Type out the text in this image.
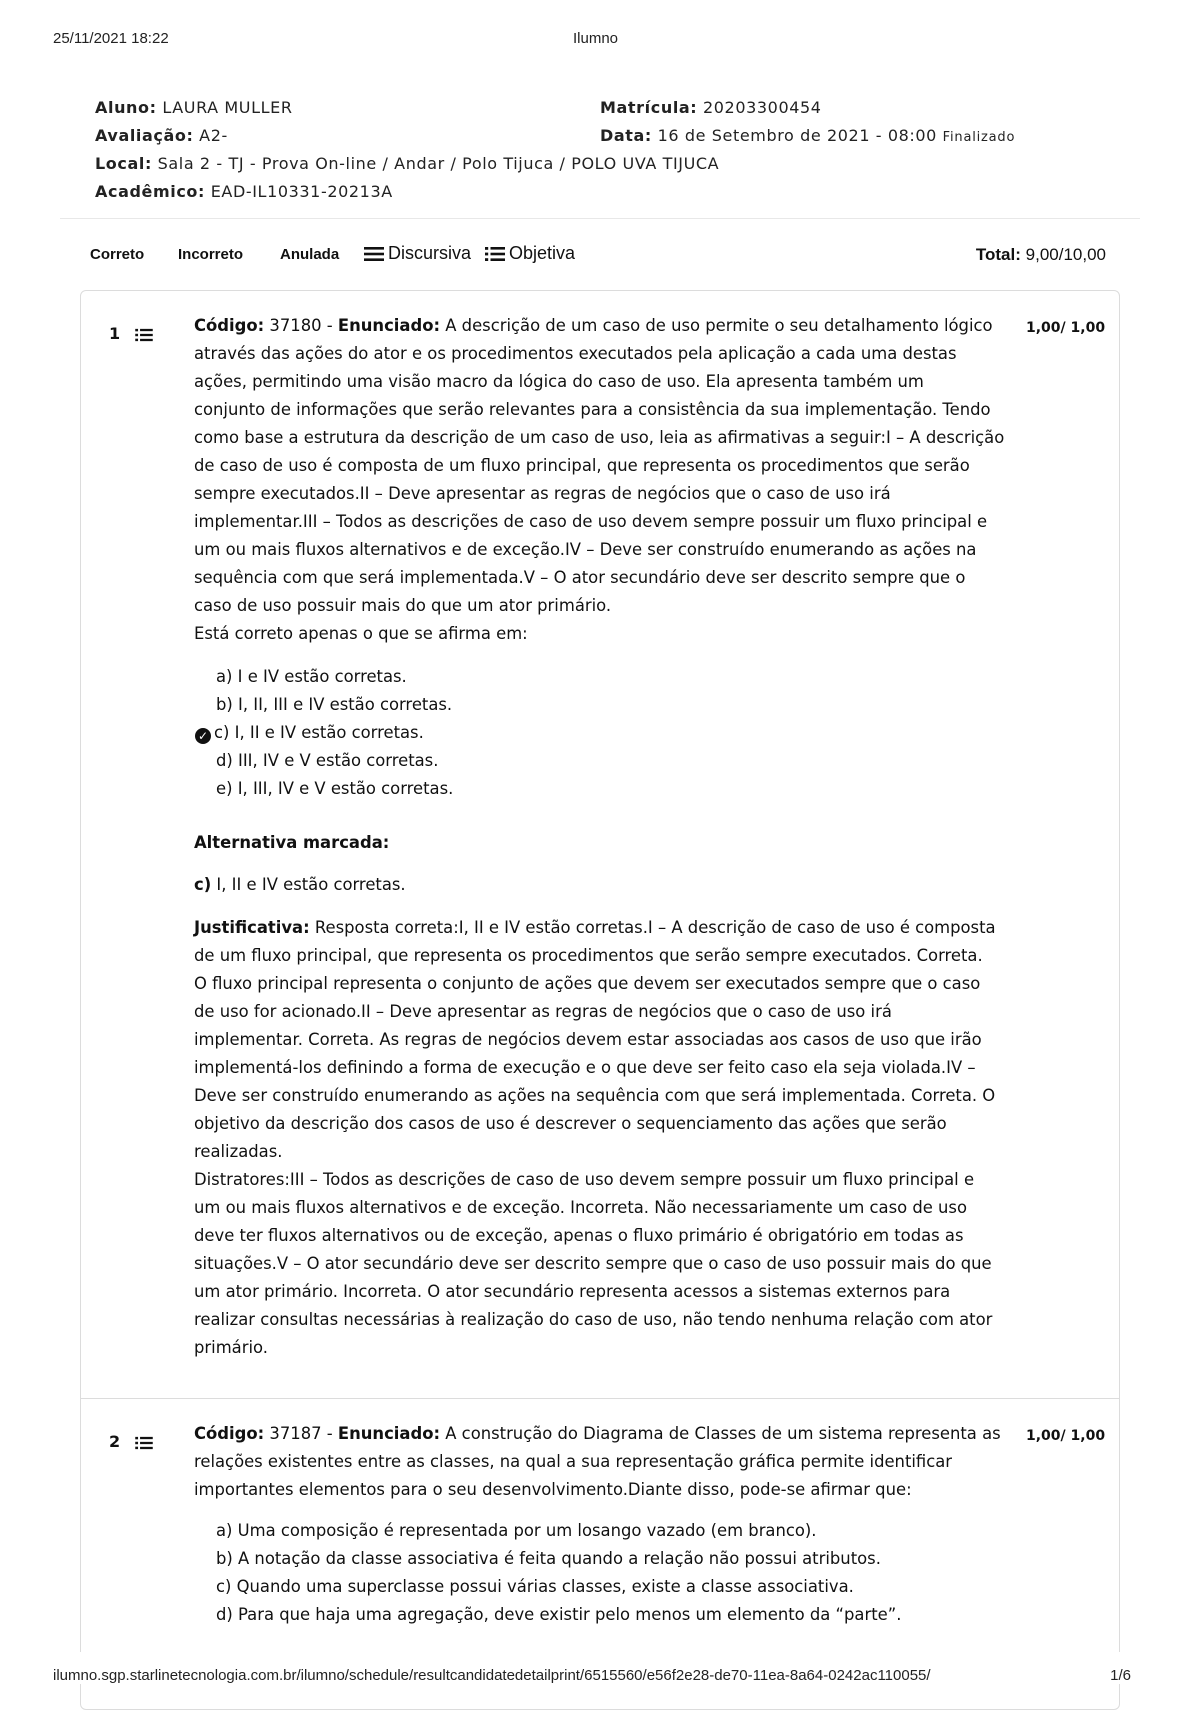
25/11/2021 18:22	Ilumno
Aluno: LAURA MULLER	Matrícula: 20203300454
Avaliação: A2-	Data: 16 de Setembro de 2021 - 08:00 Finalizado
Local: Sala 2 - TJ - Prova On-line / Andar / Polo Tijuca / POLO UVA TIJUCA
Acadêmico: EAD-IL10331-20213A
Correto Incorreto Anulada	Discursiva Objetiva	Total: 9,00/10,00
1	1,00/ 1,00
Código: 37180 - Enunciado: A descrição de um caso de uso permite o seu detalhamento lógico
através das ações do ator e os procedimentos executados pela aplicação a cada uma destas
ações, permitindo uma visão macro da lógica do caso de uso. Ela apresenta também um
conjunto de informações que serão relevantes para a consistência da sua implementação. Tendo
como base a estrutura da descrição de um caso de uso, leia as afirmativas a seguir:I – A descrição
de caso de uso é composta de um fluxo principal, que representa os procedimentos que serão
sempre executados.II – Deve apresentar as regras de negócios que o caso de uso irá
implementar.III – Todos as descrições de caso de uso devem sempre possuir um fluxo principal e
um ou mais fluxos alternativos e de exceção.IV – Deve ser construído enumerando as ações na
sequência com que será implementada.V – O ator secundário deve ser descrito sempre que o
caso de uso possuir mais do que um ator primário.
Está correto apenas o que se afirma em:
a) I e IV estão corretas.
b) I, II, III e IV estão corretas.
✓ c) I, II e IV estão corretas.
d) III, IV e V estão corretas.
e) I, III, IV e V estão corretas.
Alternativa marcada:
c) I, II e IV estão corretas.
Justificativa: Resposta correta:I, II e IV estão corretas.I – A descrição de caso de uso é composta
de um fluxo principal, que representa os procedimentos que serão sempre executados. Correta.
O fluxo principal representa o conjunto de ações que devem ser executados sempre que o caso
de uso for acionado.II – Deve apresentar as regras de negócios que o caso de uso irá
implementar. Correta. As regras de negócios devem estar associadas aos casos de uso que irão
implementá-los definindo a forma de execução e o que deve ser feito caso ela seja violada.IV –
Deve ser construído enumerando as ações na sequência com que será implementada. Correta. O
objetivo da descrição dos casos de uso é descrever o sequenciamento das ações que serão
realizadas.
Distratores:III – Todos as descrições de caso de uso devem sempre possuir um fluxo principal e
um ou mais fluxos alternativos e de exceção. Incorreta. Não necessariamente um caso de uso
deve ter fluxos alternativos ou de exceção, apenas o fluxo primário é obrigatório em todas as
situações.V – O ator secundário deve ser descrito sempre que o caso de uso possuir mais do que
um ator primário. Incorreta. O ator secundário representa acessos a sistemas externos para
realizar consultas necessárias à realização do caso de uso, não tendo nenhuma relação com ator
primário.
2	1,00/ 1,00
Código: 37187 - Enunciado: A construção do Diagrama de Classes de um sistema representa as
relações existentes entre as classes, na qual a sua representação gráfica permite identificar
importantes elementos para o seu desenvolvimento.Diante disso, pode-se afirmar que:
a) Uma composição é representada por um losango vazado (em branco).
b) A notação da classe associativa é feita quando a relação não possui atributos.
c) Quando uma superclasse possui várias classes, existe a classe associativa.
d) Para que haja uma agregação, deve existir pelo menos um elemento da “parte”.
ilumno.sgp.starlinetecnologia.com.br/ilumno/schedule/resultcandidatedetailprint/6515560/e56f2e28-de70-11ea-8a64-0242ac110055/	1/6
